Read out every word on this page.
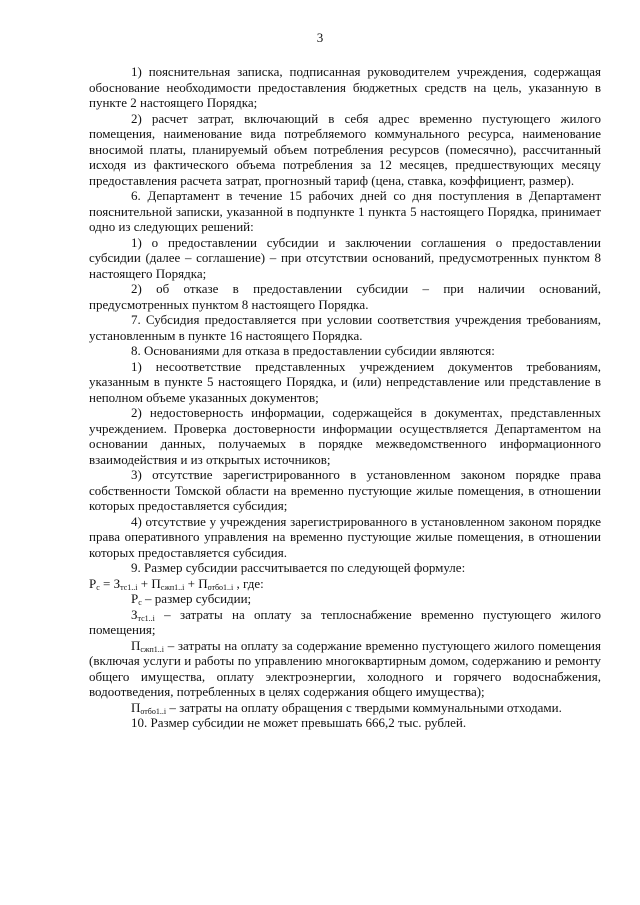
3

1) пояснительная записка, подписанная руководителем учреждения, содержащая обоснование необходимости предоставления бюджетных средств на цель, указанную в пункте 2 настоящего Порядка;

2) расчет затрат, включающий в себя адрес временно пустующего жилого помещения, наименование вида потребляемого коммунального ресурса, наименование вносимой платы, планируемый объем потребления ресурсов (помесячно), рассчитанный исходя из фактического объема потребления за 12 месяцев, предшествующих месяцу предоставления расчета затрат, прогнозный тариф (цена, ставка, коэффициент, размер).

6. Департамент в течение 15 рабочих дней со дня поступления в Департамент пояснительной записки, указанной в подпункте 1 пункта 5 настоящего Порядка, принимает одно из следующих решений:

1) о предоставлении субсидии и заключении соглашения о предоставлении субсидии (далее – соглашение) – при отсутствии оснований, предусмотренных пунктом 8 настоящего Порядка;

2) об отказе в предоставлении субсидии – при наличии оснований, предусмотренных пунктом 8 настоящего Порядка.

7. Субсидия предоставляется при условии соответствия учреждения требованиям, установленным в пункте 16 настоящего Порядка.

8. Основаниями для отказа в предоставлении субсидии являются:

1) несоответствие представленных учреждением документов требованиям, указанным в пункте 5 настоящего Порядка, и (или) непредставление или представление в неполном объеме указанных документов;

2) недостоверность информации, содержащейся в документах, представленных учреждением. Проверка достоверности информации осуществляется Департаментом на основании данных, получаемых в порядке межведомственного информационного взаимодействия и из открытых источников;

3) отсутствие зарегистрированного в установленном законом порядке права собственности Томской области на временно пустующие жилые помещения, в отношении которых предоставляется субсидия;

4) отсутствие у учреждения зарегистрированного в установленном законом порядке права оперативного управления на временно пустующие жилые помещения, в отношении которых предоставляется субсидия.

9. Размер субсидии рассчитывается по следующей формуле:

$P_c = З_{тс1..i} + П_{сжп1..i} + П_{отбо1..i}$ , где:

$P_c$ – размер субсидии;

$З_{тс1..i}$ – затраты на оплату за теплоснабжение временно пустующего жилого помещения;

$П_{сжп1..i}$ – затраты на оплату за содержание временно пустующего жилого помещения (включая услуги и работы по управлению многоквартирным домом, содержанию и ремонту общего имущества, оплату электроэнергии, холодного и горячего водоснабжения, водоотведения, потребленных в целях содержания общего имущества);

$П_{отбо1..i}$ – затраты на оплату обращения с твердыми коммунальными отходами.

10. Размер субсидии не может превышать 666,2 тыс. рублей.
